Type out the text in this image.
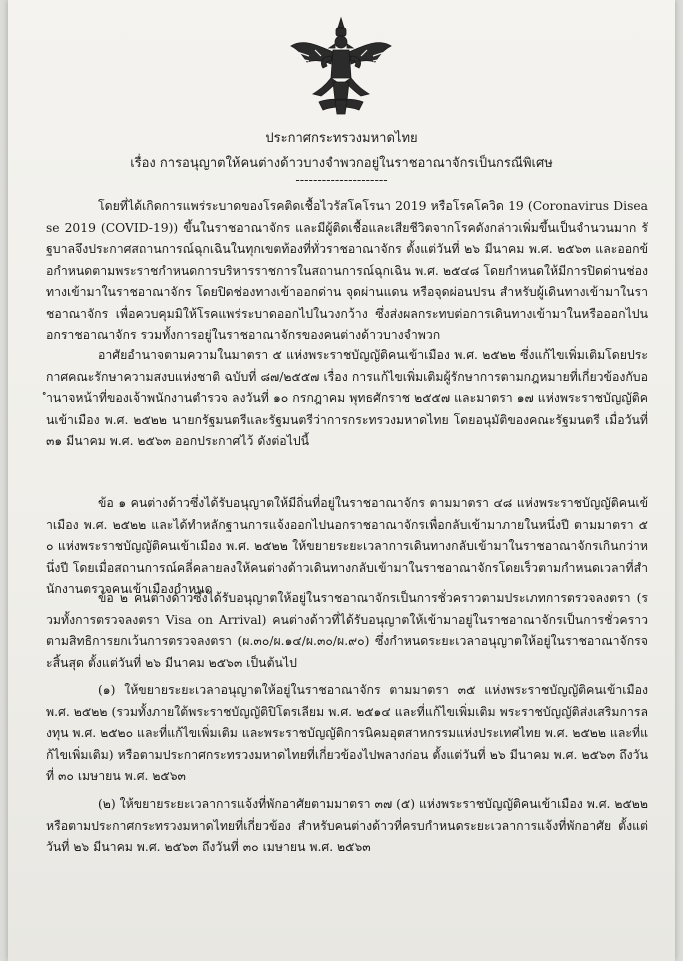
ประกาศกระทรวงมหาดไทย
เรื่อง การอนุญาตให้คนต่างด้าวบางจำพวกอยู่ในราชอาณาจักรเป็นกรณีพิเศษ
---------------------

โดยที่ได้เกิดการแพร่ระบาดของโรคติดเชื้อไวรัสโคโรนา 2019 หรือโรคโควิด 19 (Coronavirus Disease 2019 (COVID-19)) ขึ้นในราชอาณาจักร และมีผู้ติดเชื้อและเสียชีวิตจากโรคดังกล่าวเพิ่มขึ้นเป็นจำนวนมาก รัฐบาลจึงประกาศสถานการณ์ฉุกเฉินในทุกเขตท้องที่ทั่วราชอาณาจักร ตั้งแต่วันที่ ๒๖ มีนาคม พ.ศ. ๒๕๖๓ และออกข้อกำหนดตามพระราชกำหนดการบริหารราชการในสถานการณ์ฉุกเฉิน พ.ศ. ๒๕๔๘ โดยกำหนดให้มีการปิดด่านช่องทางเข้ามาในราชอาณาจักร โดยปิดช่องทางเข้าออกด่าน จุดผ่านแดน หรือจุดผ่อนปรน สำหรับผู้เดินทางเข้ามาในราชอาณาจักร เพื่อควบคุมมิให้โรคแพร่ระบาดออกไปในวงกว้าง ซึ่งส่งผลกระทบต่อการเดินทางเข้ามาในหรือออกไปนอกราชอาณาจักร รวมทั้งการอยู่ในราชอาณาจักรของคนต่างด้าวบางจำพวก

อาศัยอำนาจตามความในมาตรา ๕ แห่งพระราชบัญญัติคนเข้าเมือง พ.ศ. ๒๕๒๒ ซึ่งแก้ไขเพิ่มเติมโดยประกาศคณะรักษาความสงบแห่งชาติ ฉบับที่ ๘๗/๒๕๕๗ เรื่อง การแก้ไขเพิ่มเติมผู้รักษาการตามกฎหมายที่เกี่ยวข้องกับอำนาจหน้าที่ของเจ้าพนักงานตำรวจ ลงวันที่ ๑๐ กรกฎาคม พุทธศักราช ๒๕๕๗ และมาตรา ๑๗ แห่งพระราชบัญญัติคนเข้าเมือง พ.ศ. ๒๕๒๒ นายกรัฐมนตรีและรัฐมนตรีว่าการกระทรวงมหาดไทย โดยอนุมัติของคณะรัฐมนตรี เมื่อวันที่ ๓๑ มีนาคม พ.ศ. ๒๕๖๓ ออกประกาศไว้ ดังต่อไปนี้

ข้อ ๑ คนต่างด้าวซึ่งได้รับอนุญาตให้มีถิ่นที่อยู่ในราชอาณาจักร ตามมาตรา ๔๘ แห่งพระราชบัญญัติคนเข้าเมือง พ.ศ. ๒๕๒๒ และได้ทำหลักฐานการแจ้งออกไปนอกราชอาณาจักรเพื่อกลับเข้ามาภายในหนึ่งปี ตามมาตรา ๕๐ แห่งพระราชบัญญัติคนเข้าเมือง พ.ศ. ๒๕๒๒ ให้ขยายระยะเวลาการเดินทางกลับเข้ามาในราชอาณาจักรเกินกว่าหนึ่งปี โดยเมื่อสถานการณ์คลี่คลายลงให้คนต่างด้าวเดินทางกลับเข้ามาในราชอาณาจักรโดยเร็วตามกำหนดเวลาที่สำนักงานตรวจคนเข้าเมืองกำหนด

ข้อ ๒ คนต่างด้าวซึ่งได้รับอนุญาตให้อยู่ในราชอาณาจักรเป็นการชั่วคราวตามประเภทการตรวจลงตรา (รวมทั้งการตรวจลงตรา Visa on Arrival) คนต่างด้าวที่ได้รับอนุญาตให้เข้ามาอยู่ในราชอาณาจักรเป็นการชั่วคราวตามสิทธิการยกเว้นการตรวจลงตรา (ผ.๓๐/ผ.๑๔/ผ.๓๐/ผ.๙๐) ซึ่งกำหนดระยะเวลาอนุญาตให้อยู่ในราชอาณาจักรจะสิ้นสุด ตั้งแต่วันที่ ๒๖ มีนาคม ๒๕๖๓ เป็นต้นไป

(๑) ให้ขยายระยะเวลาอนุญาตให้อยู่ในราชอาณาจักร ตามมาตรา ๓๕ แห่งพระราชบัญญัติคนเข้าเมือง พ.ศ. ๒๕๒๒ (รวมทั้งภายใต้พระราชบัญญัติปิโตรเลียม พ.ศ. ๒๕๑๔ และที่แก้ไขเพิ่มเติม พระราชบัญญัติส่งเสริมการลงทุน พ.ศ. ๒๕๒๐ และที่แก้ไขเพิ่มเติม และพระราชบัญญัติการนิคมอุตสาหกรรมแห่งประเทศไทย พ.ศ. ๒๕๒๒ และที่แก้ไขเพิ่มเติม) หรือตามประกาศกระทรวงมหาดไทยที่เกี่ยวข้องไปพลางก่อน ตั้งแต่วันที่ ๒๖ มีนาคม พ.ศ. ๒๕๖๓ ถึงวันที่ ๓๐ เมษายน พ.ศ. ๒๕๖๓

(๒) ให้ขยายระยะเวลาการแจ้งที่พักอาศัยตามมาตรา ๓๗ (๕) แห่งพระราชบัญญัติคนเข้าเมือง พ.ศ. ๒๕๒๒ หรือตามประกาศกระทรวงมหาดไทยที่เกี่ยวข้อง สำหรับคนต่างด้าวที่ครบกำหนดระยะเวลาการแจ้งที่พักอาศัย ตั้งแต่วันที่ ๒๖ มีนาคม พ.ศ. ๒๕๖๓ ถึงวันที่ ๓๐ เมษายน พ.ศ. ๒๕๖๓
